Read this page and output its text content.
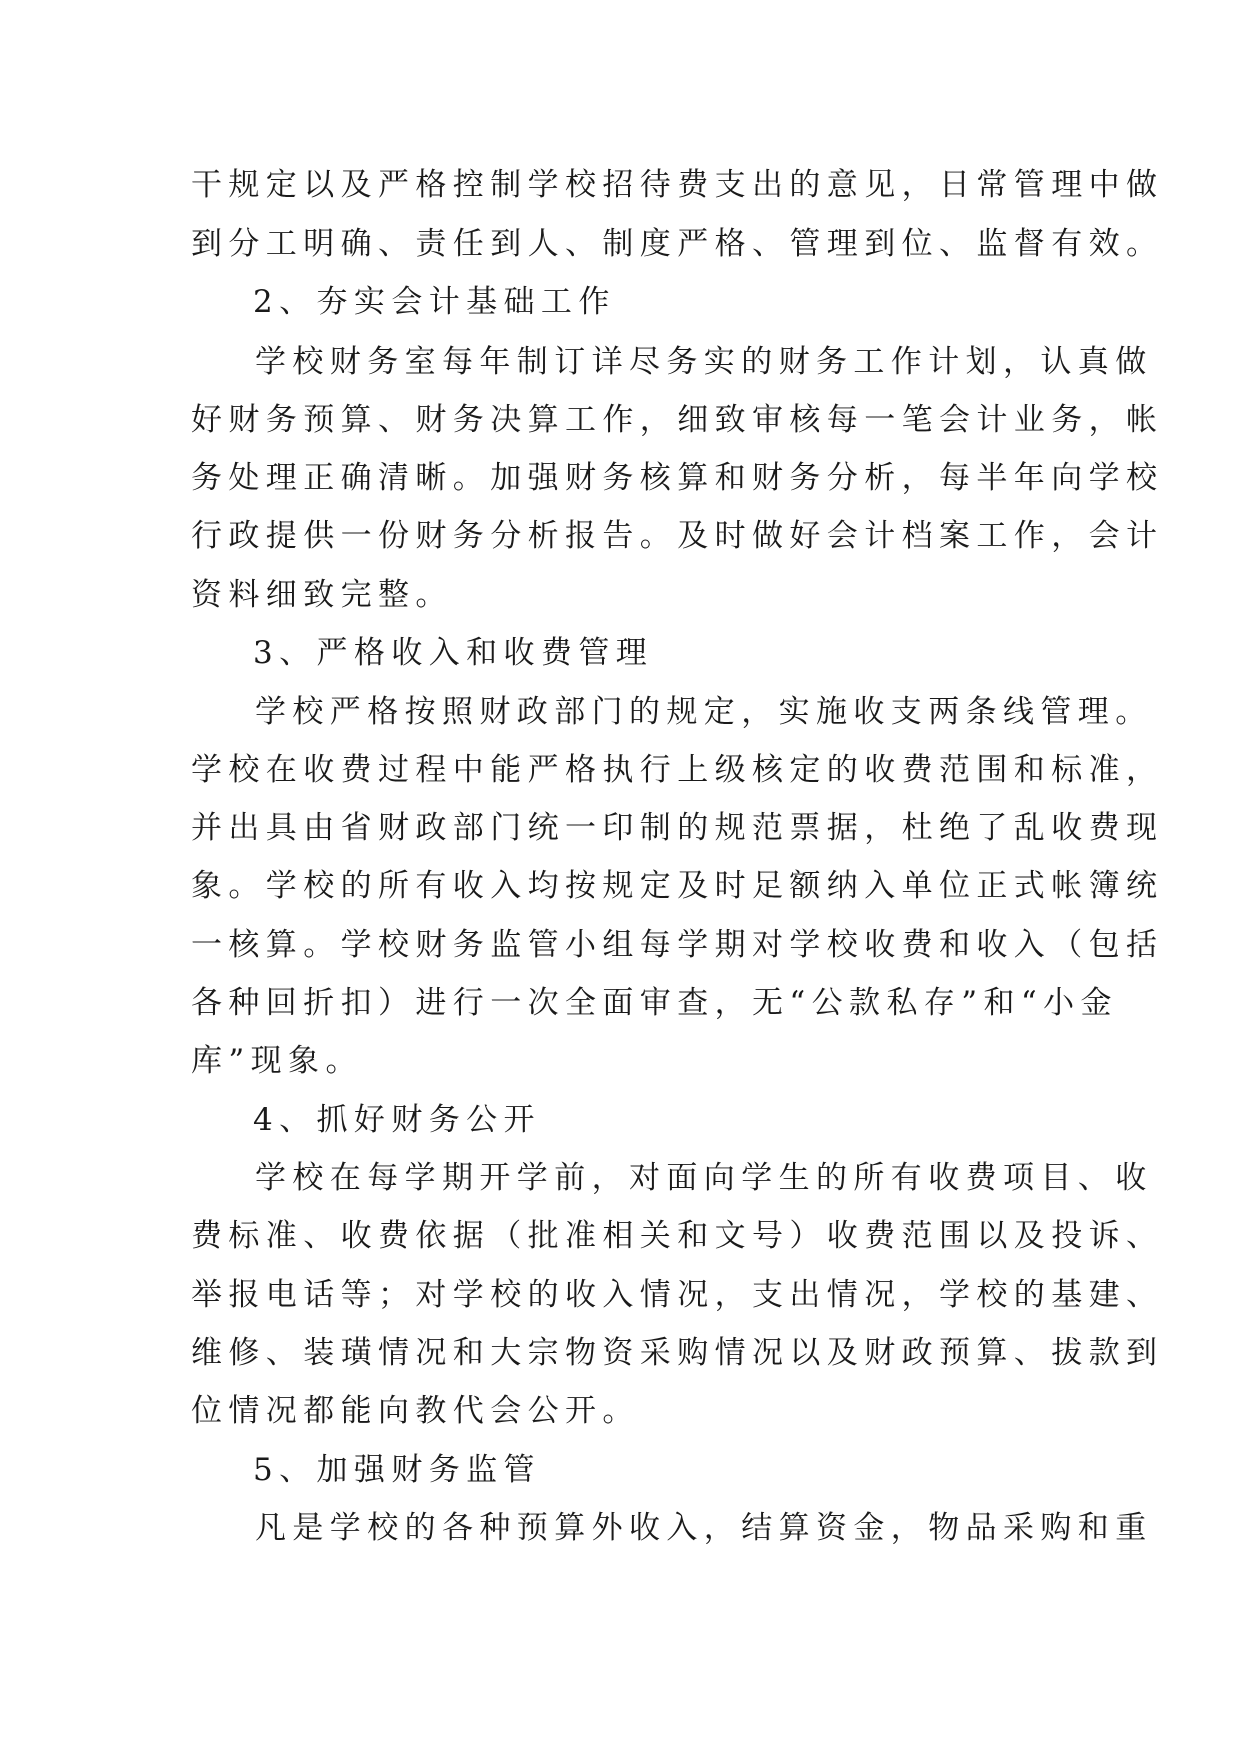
干规定以及严格控制学校招待费支出的意见，日常管理中做

到分工明确、责任到人、制度严格、管理到位、监督有效。

2、夯实会计基础工作

学校财务室每年制订详尽务实的财务工作计划，认真做

好财务预算、财务决算工作，细致审核每一笔会计业务，帐

务处理正确清晰。加强财务核算和财务分析，每半年向学校

行政提供一份财务分析报告。及时做好会计档案工作，会计

资料细致完整。

3、严格收入和收费管理

学校严格按照财政部门的规定，实施收支两条线管理。

学校在收费过程中能严格执行上级核定的收费范围和标准，

并出具由省财政部门统一印制的规范票据，杜绝了乱收费现

象。学校的所有收入均按规定及时足额纳入单位正式帐簿统

一核算。学校财务监管小组每学期对学校收费和收入（包括

各种回折扣）进行一次全面审查，无“公款私存”和“小金

库”现象。

4、抓好财务公开

学校在每学期开学前，对面向学生的所有收费项目、收

费标准、收费依据（批准相关和文号）收费范围以及投诉、

举报电话等；对学校的收入情况，支出情况，学校的基建、

维修、装璜情况和大宗物资采购情况以及财政预算、拔款到

位情况都能向教代会公开。

5、加强财务监管

凡是学校的各种预算外收入，结算资金，物品采购和重
